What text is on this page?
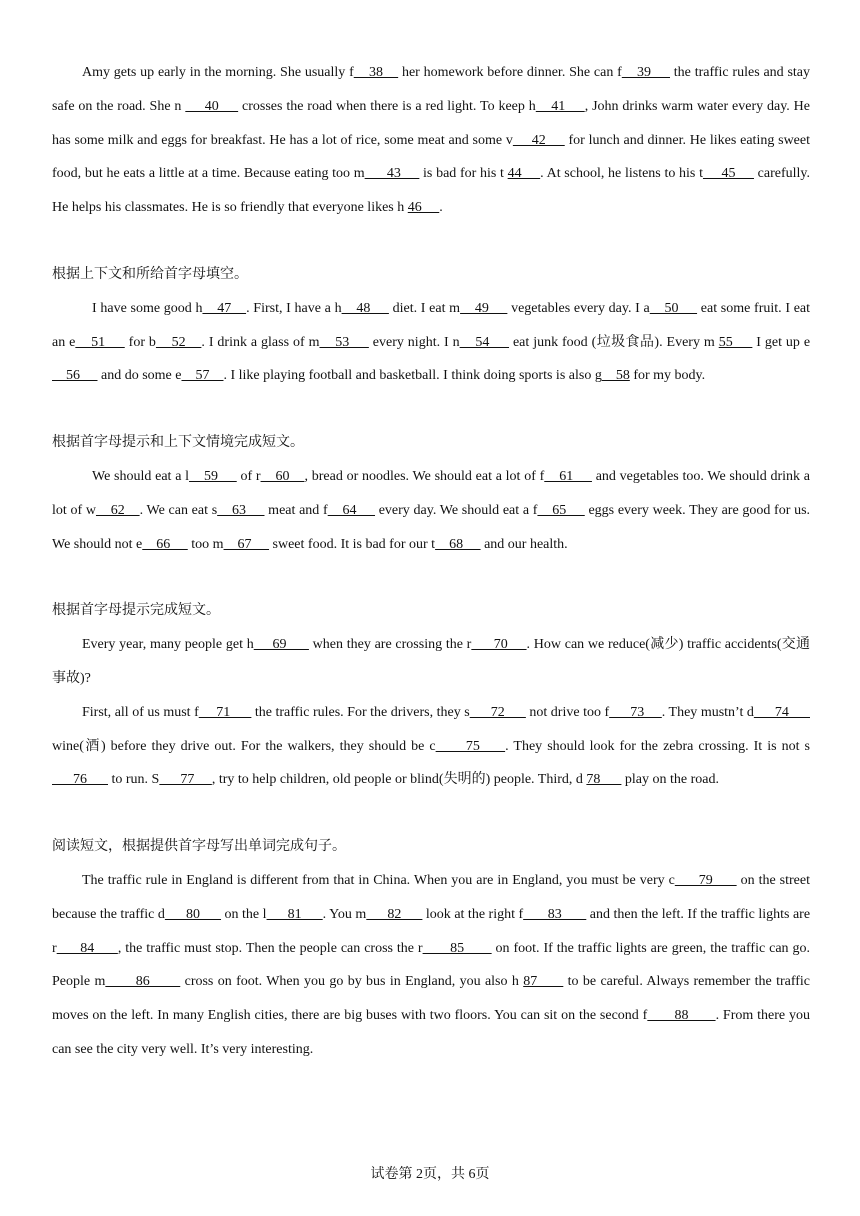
Amy gets up early in the morning. She usually f    38     her homework before dinner. She can f    39      the traffic rules and stay safe on the road. She n      40      crosses the road when there is a red light. To keep h    41     , John drinks warm water every day. He has some milk and eggs for breakfast. He has a lot of rice, some meat and some v     42      for lunch and dinner. He likes eating sweet food, but he eats a little at a time. Because eating too m      43      is bad for his t 44     . At school, he listens to his t     45      carefully. He helps his classmates. He is so friendly that everyone likes h 46     .

根据上下文和所给首字母填空。

I have some good h    47    . First, I have a h    48      diet. I eat m    49      vegetables every day. I a    50      eat some fruit. I eat an e    51      for b    52    . I drink a glass of m    53      every night. I n    54      eat junk food (垃圾食品). Every m 55      I get up e    56      and do some e    57    . I like playing football and basketball. I think doing sports is also g    58 for my body.

根据首字母提示和上下文情境完成短文。

We should eat a l    59      of r    60    , bread or noodles. We should eat a lot of f    61      and vegetables too. We should drink a lot of w    62    . We can eat s    63      meat and f    64      every day. We should eat a f    65      eggs every week. They are good for us. We should not e    66      too m    67      sweet food. It is bad for our t    68      and our health.

根据首字母提示完成短文。

Every year, many people get h     69       when they are crossing the r      70     . How can we reduce(减少) traffic accidents(交通事故)?

First, all of us must f     71       the traffic rules. For the drivers, they s      72       not drive too f      73     . They mustn’t d      74       wine(酒) before they drive out. For the walkers, they should be c      75     . They should look for the zebra crossing. It is not s      76       to run. S      77     , try to help children, old people or blind(失明的) people. Third, d 78       play on the road.

阅读短文，根据提供首字母写出单词完成句子。

The traffic rule in England is different from that in China. When you are in England, you must be very c      79       on the street because the traffic d      80       on the l      81      . You m      82       look at the right f       83        and then the left. If the traffic lights are r      84      , the traffic must stop. Then the people can cross the r       85        on foot. If the traffic lights are green, the traffic can go. People m       86        cross on foot. When you go by bus in England, you also h 87       to be careful. Always remember the traffic moves on the left. In many English cities, there are big buses with two floors. You can sit on the second f       88       . From there you can see the city very well. It’s very interesting.

试卷第 2页，共 6页
